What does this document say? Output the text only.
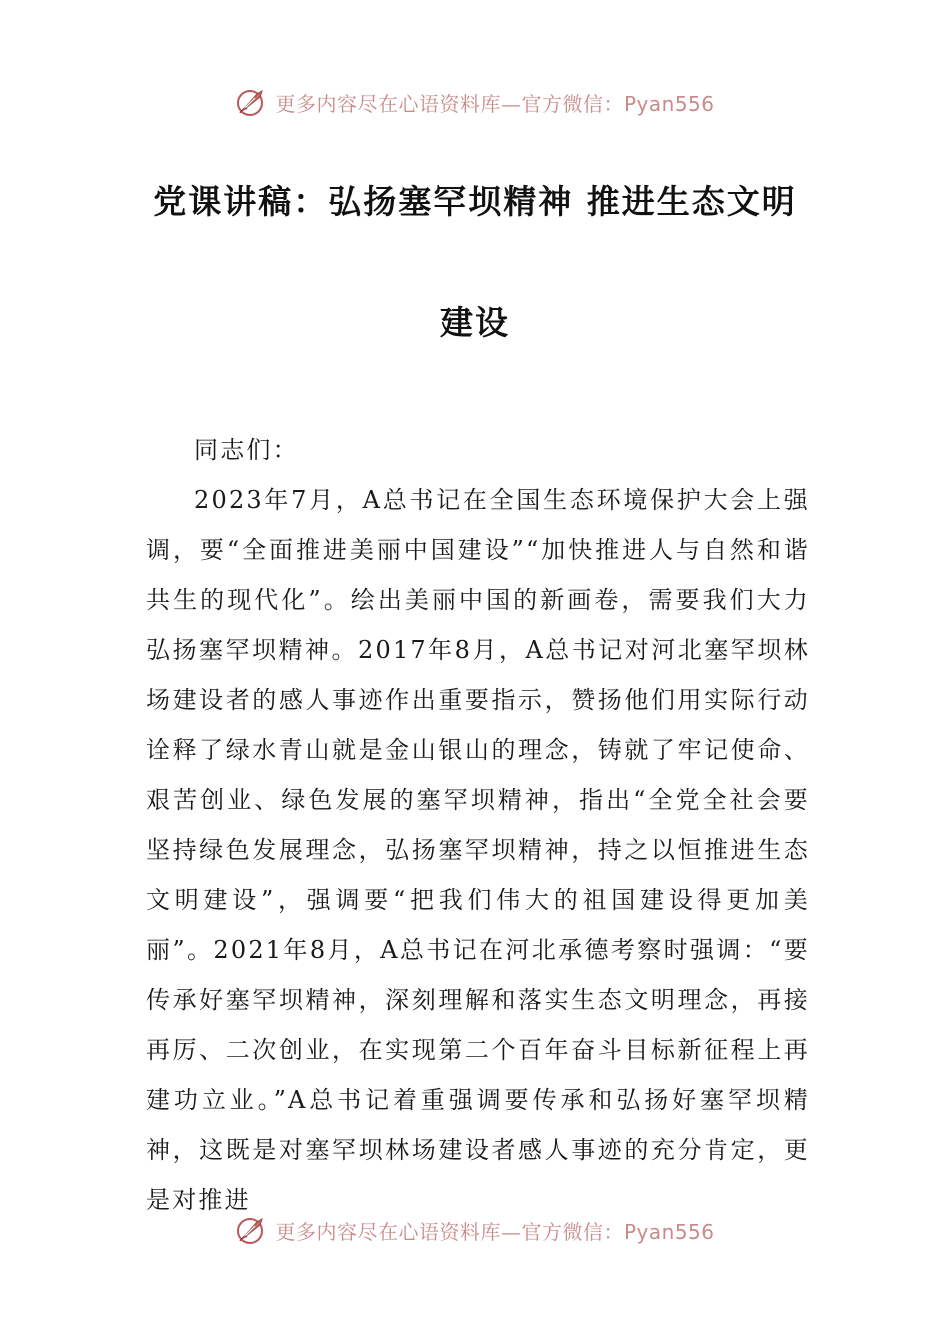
更多内容尽在心语资料库—官方微信：Pyan556
党课讲稿：弘扬塞罕坝精神 推进生态文明
建设

同志们：

2023年7月，A总书记在全国生态环境保护大会上强调，要“全面推进美丽中国建设”“加快推进人与自然和谐共生的现代化”。绘出美丽中国的新画卷，需要我们大力弘扬塞罕坝精神。2017年8月，A总书记对河北塞罕坝林场建设者的感人事迹作出重要指示，赞扬他们用实际行动诠释了绿水青山就是金山银山的理念，铸就了牢记使命、艰苦创业、绿色发展的塞罕坝精神，指出“全党全社会要坚持绿色发展理念，弘扬塞罕坝精神，持之以恒推进生态文明建设”，强调要“把我们伟大的祖国建设得更加美丽”。2021年8月，A总书记在河北承德考察时强调：“要传承好塞罕坝精神，深刻理解和落实生态文明理念，再接再厉、二次创业，在实现第二个百年奋斗目标新征程上再建功立业。”A总书记着重强调要传承和弘扬好塞罕坝精神，这既是对塞罕坝林场建设者感人事迹的充分肯定，更是对推进

更多内容尽在心语资料库—官方微信：Pyan556
